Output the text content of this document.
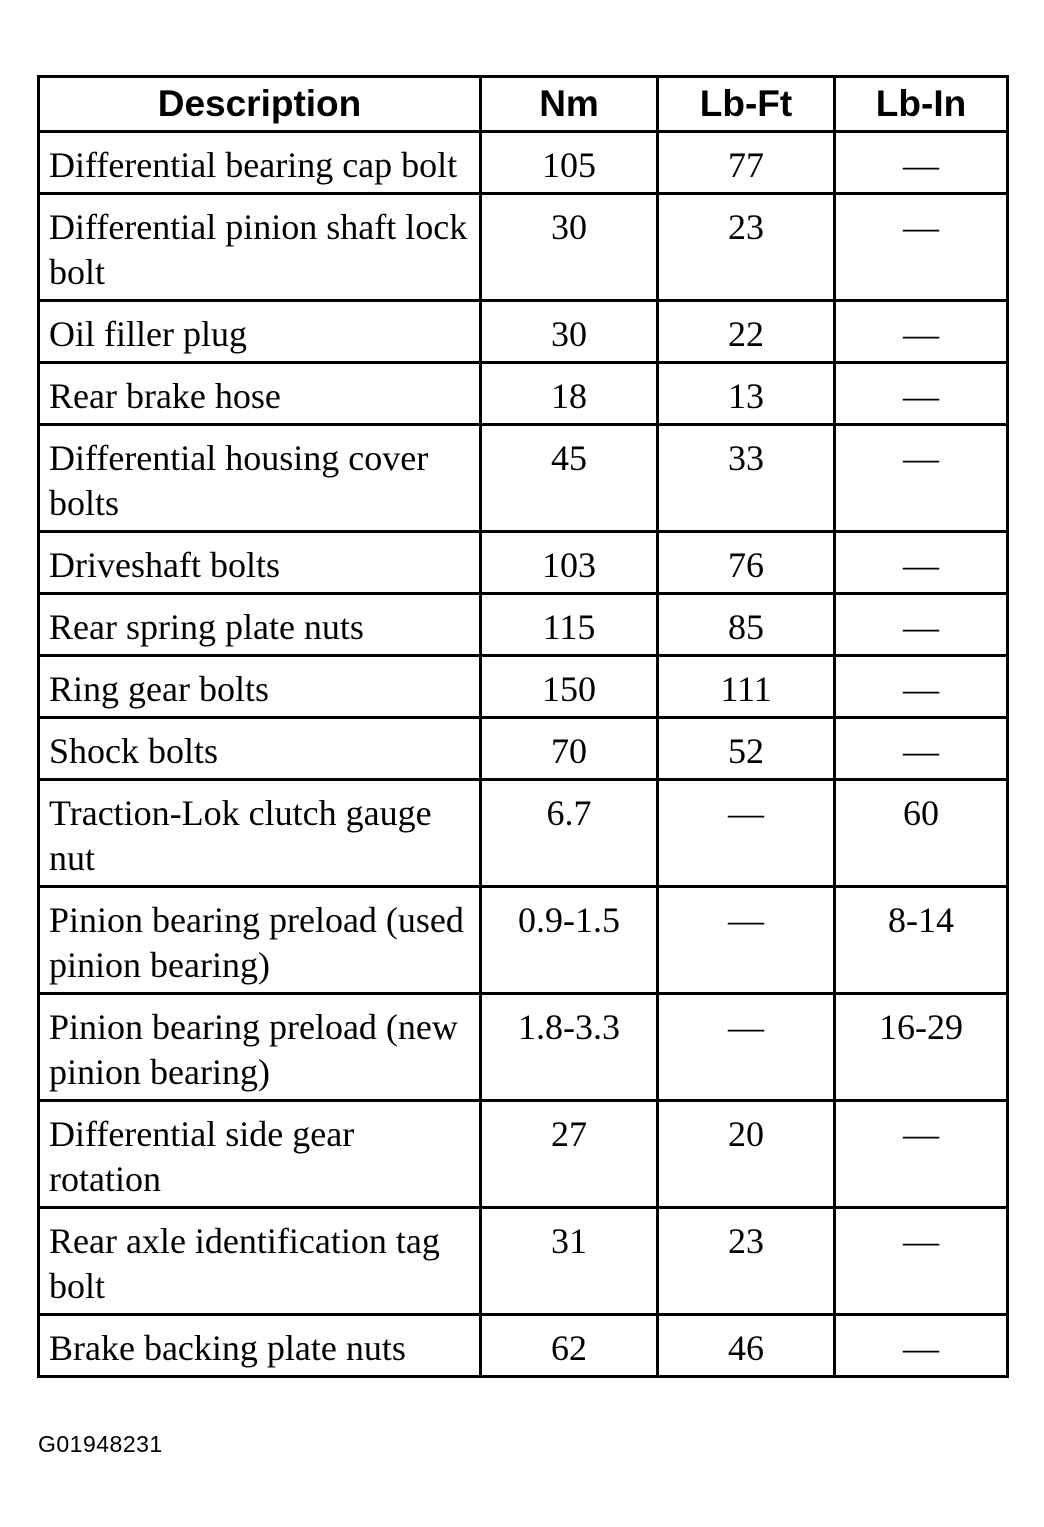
Description	Nm	Lb-Ft	Lb-In
Differential bearing cap bolt	105	77	—
Differential pinion shaft lock bolt	30	23	—
Oil filler plug	30	22	—
Rear brake hose	18	13	—
Differential housing cover bolts	45	33	—
Driveshaft bolts	103	76	—
Rear spring plate nuts	115	85	—
Ring gear bolts	150	111	—
Shock bolts	70	52	—
Traction-Lok clutch gauge nut	6.7	—	60
Pinion bearing preload (used pinion bearing)	0.9-1.5	—	8-14
Pinion bearing preload (new pinion bearing)	1.8-3.3	—	16-29
Differential side gear rotation	27	20	—
Rear axle identification tag bolt	31	23	—
Brake backing plate nuts	62	46	—
G01948231
